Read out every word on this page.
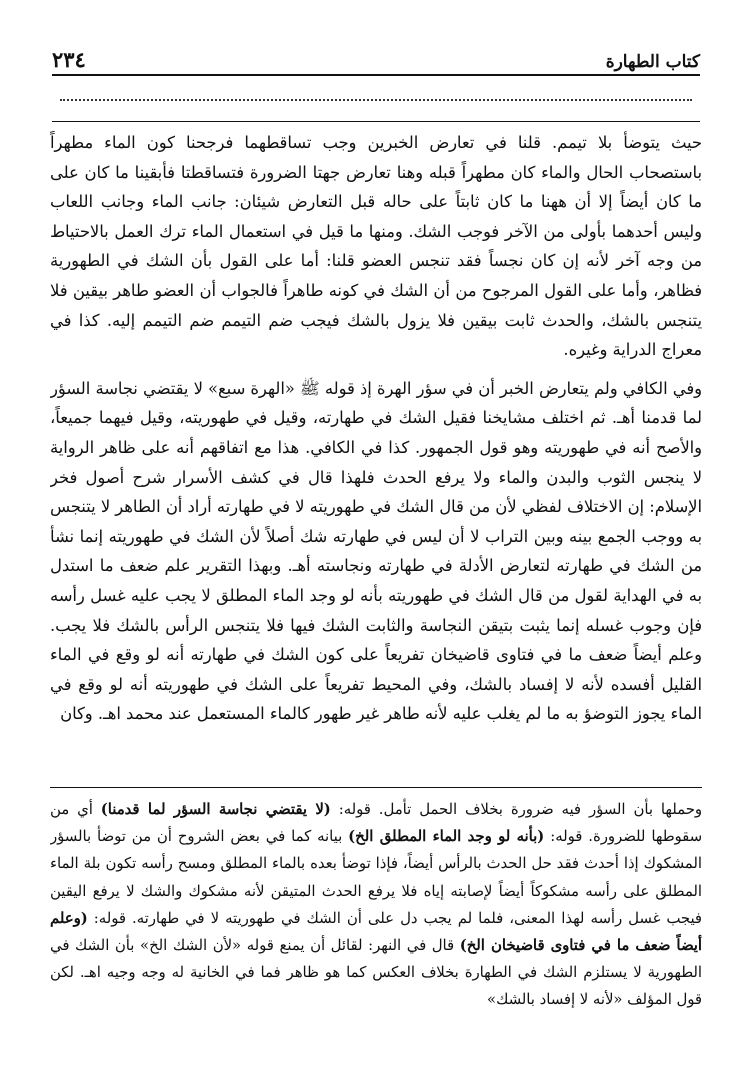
٢٣٤	كتاب الطهارة

حيث يتوضأ بلا تيمم. قلنا في تعارض الخبرين وجب تساقطهما فرجحنا كون الماء مطهراً باستصحاب الحال والماء كان مطهراً قبله وهنا تعارض جهتا الضرورة فتساقطتا فأبقينا ما كان على ما كان أيضاً إلا أن ههنا ما كان ثابتاً على حاله قبل التعارض شيئان: جانب الماء وجانب اللعاب وليس أحدهما بأولى من الآخر فوجب الشك. ومنها ما قيل في استعمال الماء ترك العمل بالاحتياط من وجه آخر لأنه إن كان نجساً فقد تنجس العضو قلنا: أما على القول بأن الشك في الطهورية فظاهر، وأما على القول المرجوح من أن الشك في كونه طاهراً فالجواب أن العضو طاهر بيقين فلا يتنجس بالشك، والحدث ثابت بيقين فلا يزول بالشك فيجب ضم التيمم ضم التيمم إليه. كذا في معراج الدراية وغيره.

وفي الكافي ولم يتعارض الخبر أن في سؤر الهرة إذ قوله ﷺ «الهرة سبع» لا يقتضي نجاسة السؤر لما قدمنا أهـ. ثم اختلف مشايخنا فقيل الشك في طهارته، وقيل في طهوريته، وقيل فيهما جميعاً، والأصح أنه في طهوريته وهو قول الجمهور. كذا في الكافي. هذا مع اتفاقهم أنه على ظاهر الرواية لا ينجس الثوب والبدن والماء ولا يرفع الحدث فلهذا قال في كشف الأسرار شرح أصول فخر الإسلام: إن الاختلاف لفظي لأن من قال الشك في طهوريته لا في طهارته أراد أن الطاهر لا يتنجس به ووجب الجمع بينه وبين التراب لا أن ليس في طهارته شك أصلاً لأن الشك في طهوريته إنما نشأ من الشك في طهارته لتعارض الأدلة في طهارته ونجاسته أهـ. وبهذا التقرير علم ضعف ما استدل به في الهداية لقول من قال الشك في طهوريته بأنه لو وجد الماء المطلق لا يجب عليه غسل رأسه فإن وجوب غسله إنما يثبت بتيقن النجاسة والثابت الشك فيها فلا يتنجس الرأس بالشك فلا يجب. وعلم أيضاً ضعف ما في فتاوى قاضيخان تفريعاً على كون الشك في طهارته أنه لو وقع في الماء القليل أفسده لأنه لا إفساد بالشك، وفي المحيط تفريعاً على الشك في طهوريته أنه لو وقع في الماء يجوز التوضؤ به ما لم يغلب عليه لأنه طاهر غير طهور كالماء المستعمل عند محمد اهـ. وكان

وحملها بأن السؤر فيه ضرورة بخلاف الحمل تأمل. قوله: (لا يقتضي نجاسة السؤر لما قدمنا) أي من سقوطها للضرورة. قوله: (بأنه لو وجد الماء المطلق الخ) بيانه كما في بعض الشروح أن من توضأ بالسؤر المشكوك إذا أحدث فقد حل الحدث بالرأس أيضاً، فإذا توضأ بعده بالماء المطلق ومسح رأسه تكون بلة الماء المطلق على رأسه مشكوكاً أيضاً لإصابته إياه فلا يرفع الحدث المتيقن لأنه مشكوك والشك لا يرفع اليقين فيجب غسل رأسه لهذا المعنى، فلما لم يجب دل على أن الشك في طهوريته لا في طهارته. قوله: (وعلم أيضاً ضعف ما في فتاوى قاضيخان الخ) قال في النهر: لقائل أن يمنع قوله «لأن الشك الخ» بأن الشك في الطهورية لا يستلزم الشك في الطهارة بخلاف العكس كما هو ظاهر فما في الخانية له وجه وجيه اهـ. لكن قول المؤلف «لأنه لا إفساد بالشك»
